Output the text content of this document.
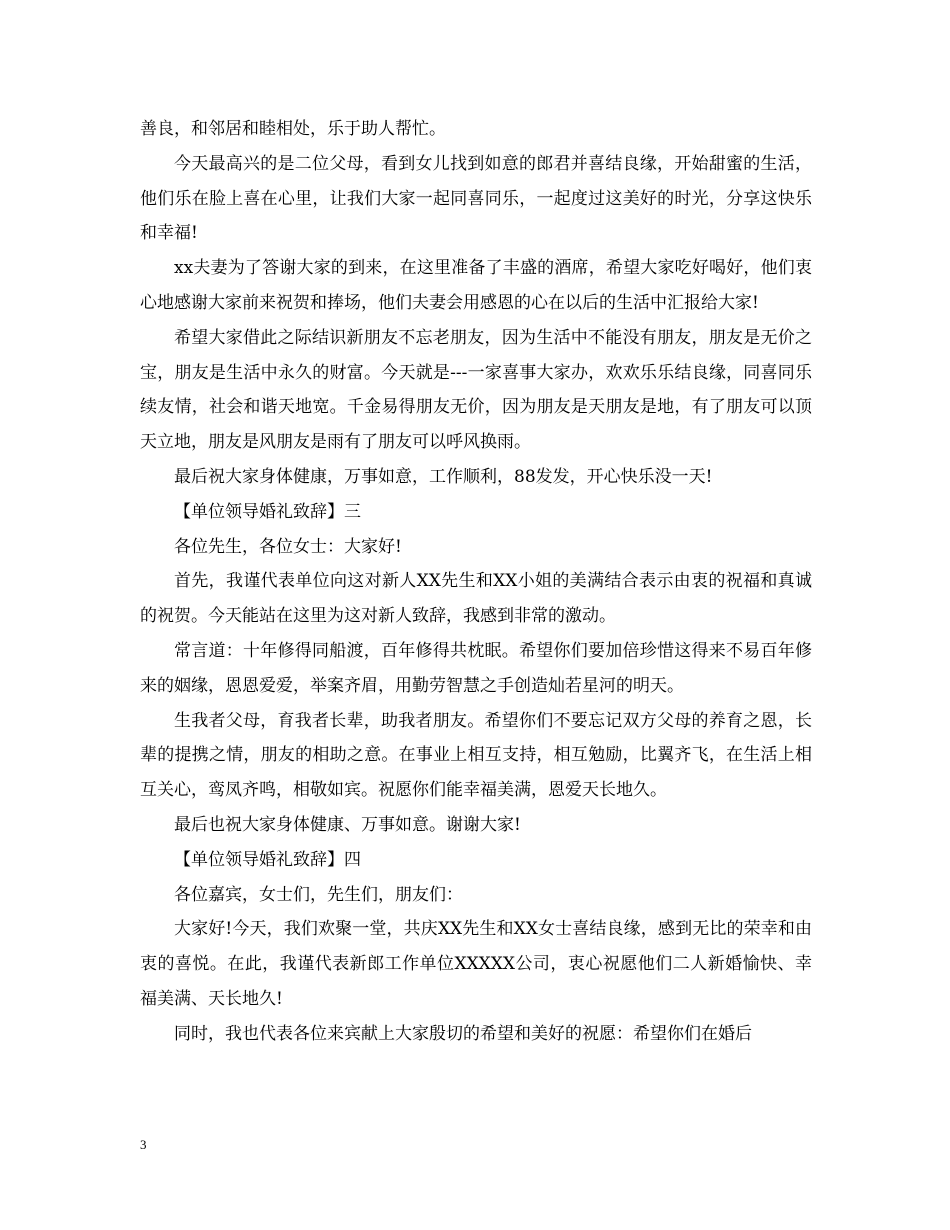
善良，和邻居和睦相处，乐于助人帮忙。

今天最高兴的是二位父母，看到女儿找到如意的郎君并喜结良缘，开始甜蜜的生活，他们乐在脸上喜在心里，让我们大家一起同喜同乐，一起度过这美好的时光，分享这快乐和幸福!

xx夫妻为了答谢大家的到来，在这里准备了丰盛的酒席，希望大家吃好喝好，他们衷心地感谢大家前来祝贺和捧场，他们夫妻会用感恩的心在以后的生活中汇报给大家!

希望大家借此之际结识新朋友不忘老朋友，因为生活中不能没有朋友，朋友是无价之宝，朋友是生活中永久的财富。今天就是---一家喜事大家办，欢欢乐乐结良缘，同喜同乐续友情，社会和谐天地宽。千金易得朋友无价，因为朋友是天朋友是地，有了朋友可以顶天立地，朋友是风朋友是雨有了朋友可以呼风换雨。

最后祝大家身体健康，万事如意，工作顺利，88发发，开心快乐没一天!

【单位领导婚礼致辞】三

各位先生，各位女士：大家好!

首先，我谨代表单位向这对新人XX先生和XX小姐的美满结合表示由衷的祝福和真诚的祝贺。今天能站在这里为这对新人致辞，我感到非常的激动。

常言道：十年修得同船渡，百年修得共枕眠。希望你们要加倍珍惜这得来不易百年修来的姻缘，恩恩爱爱，举案齐眉，用勤劳智慧之手创造灿若星河的明天。

生我者父母，育我者长辈，助我者朋友。希望你们不要忘记双方父母的养育之恩，长辈的提携之情，朋友的相助之意。在事业上相互支持，相互勉励，比翼齐飞，在生活上相互关心，鸾凤齐鸣，相敬如宾。祝愿你们能幸福美满，恩爱天长地久。

最后也祝大家身体健康、万事如意。谢谢大家!

【单位领导婚礼致辞】四

各位嘉宾，女士们，先生们，朋友们：

大家好!今天，我们欢聚一堂，共庆XX先生和XX女士喜结良缘，感到无比的荣幸和由衷的喜悦。在此，我谨代表新郎工作单位XXXXX公司，衷心祝愿他们二人新婚愉快、幸福美满、天长地久!

同时，我也代表各位来宾献上大家殷切的希望和美好的祝愿：希望你们在婚后

3
